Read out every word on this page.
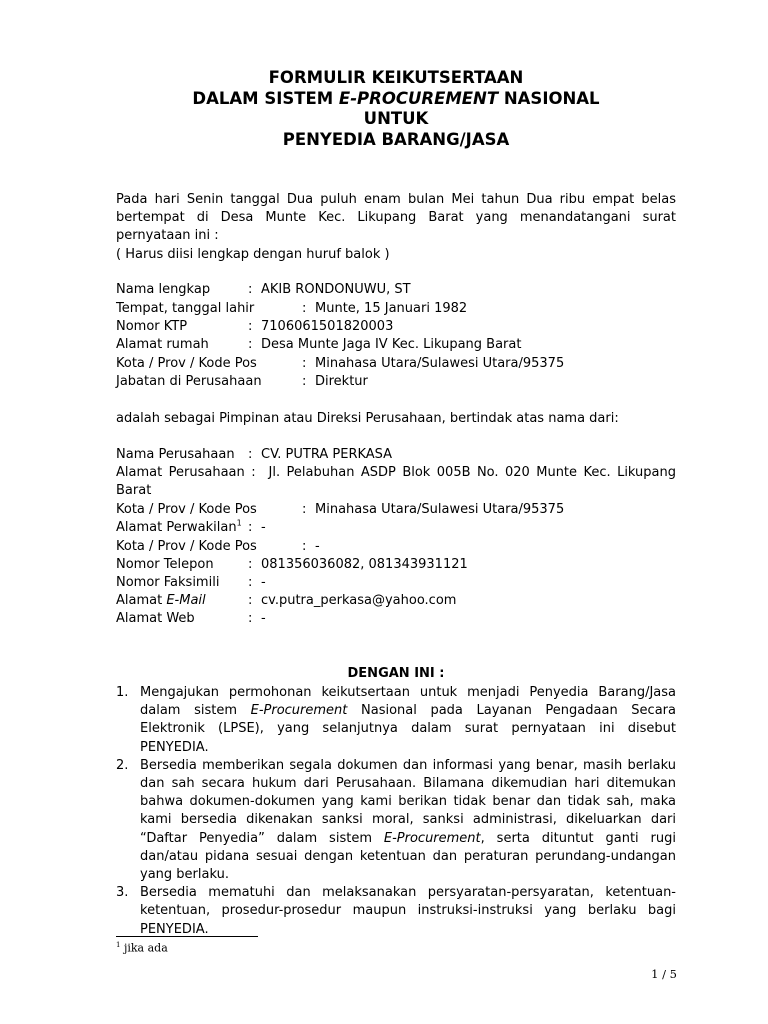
FORMULIR KEIKUTSERTAAN
DALAM SISTEM E-PROCUREMENT NASIONAL
UNTUK
PENYEDIA BARANG/JASA
Pada hari Senin tanggal Dua puluh enam bulan Mei tahun Dua ribu empat belas bertempat di Desa Munte Kec. Likupang Barat yang menandatangani surat pernyataan ini :
( Harus diisi lengkap dengan huruf balok )
Nama lengkap	: AKIB RONDONUWU, ST
Tempat, tanggal lahir	: Munte, 15 Januari 1982
Nomor KTP	: 7106061501820003
Alamat rumah	: Desa Munte Jaga IV Kec. Likupang Barat
Kota / Prov / Kode Pos	: Minahasa Utara/Sulawesi Utara/95375
Jabatan di Perusahaan	: Direktur
adalah sebagai Pimpinan atau Direksi Perusahaan, bertindak atas nama dari:
Nama Perusahaan : CV. PUTRA PERKASA
Alamat Perusahaan : Jl. Pelabuhan ASDP Blok 005B No. 020 Munte Kec. Likupang Barat
Kota / Prov / Kode Pos	: Minahasa Utara/Sulawesi Utara/95375
Alamat Perwakilan$^1$ : -
Kota / Prov / Kode Pos	: -
Nomor Telepon	: 081356036082, 081343931121
Nomor Faksimili : -
Alamat E-Mail	: cv.putra_perkasa@yahoo.com
Alamat Web	: -
DENGAN INI :
1. Mengajukan permohonan keikutsertaan untuk menjadi Penyedia Barang/Jasa dalam sistem E-Procurement Nasional pada Layanan Pengadaan Secara Elektronik (LPSE), yang selanjutnya dalam surat pernyataan ini disebut PENYEDIA.
2. Bersedia memberikan segala dokumen dan informasi yang benar, masih berlaku dan sah secara hukum dari Perusahaan. Bilamana dikemudian hari ditemukan bahwa dokumen-dokumen yang kami berikan tidak benar dan tidak sah, maka kami bersedia dikenakan sanksi moral, sanksi administrasi, dikeluarkan dari “Daftar Penyedia” dalam sistem E-Procurement, serta dituntut ganti rugi dan/atau pidana sesuai dengan ketentuan dan peraturan perundang-undangan yang berlaku.
3. Bersedia mematuhi dan melaksanakan persyaratan-persyaratan, ketentuan-ketentuan, prosedur-prosedur maupun instruksi-instruksi yang berlaku bagi PENYEDIA.
$^1$ jika ada
1 / 5
